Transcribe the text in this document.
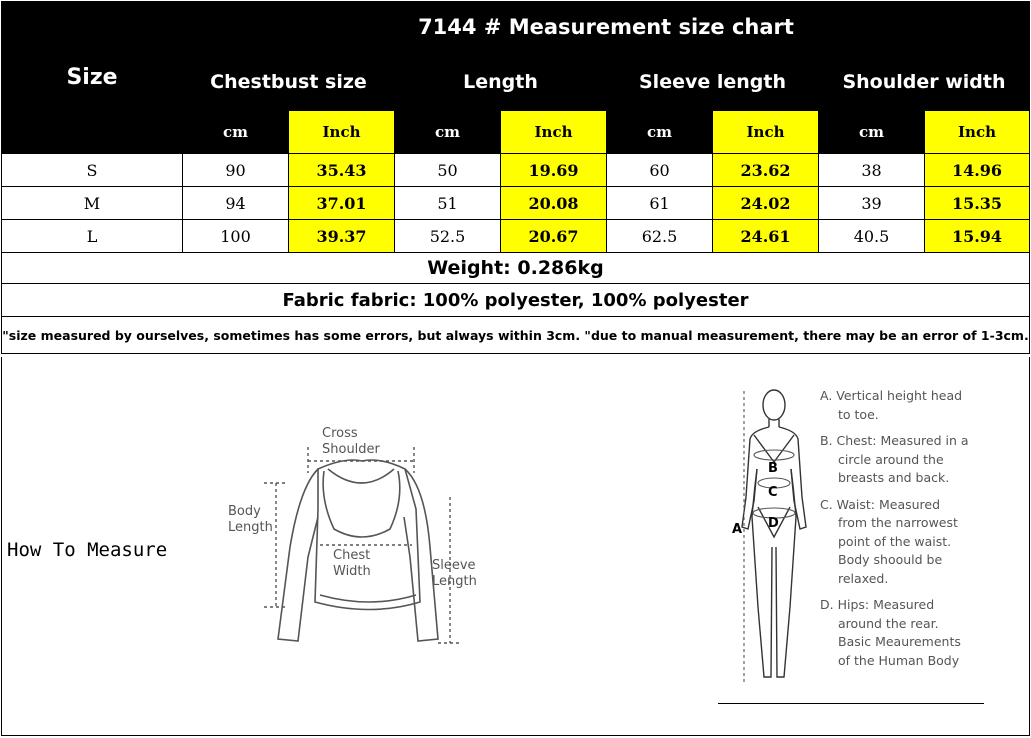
Size	7144 # Measurement size chart							
	Chestbust size		Length		Sleeve length		Shoulder width	
	cm	Inch	cm	Inch	cm	Inch	cm	Inch
S	90	35.43	50	19.69	60	23.62	38	14.96
M	94	37.01	51	20.08	61	24.02	39	15.35
L	100	39.37	52.5	20.67	62.5	24.61	40.5	15.94
Weight: 0.286kg								
Fabric fabric: 100% polyester, 100% polyester								
"size measured by ourselves, sometimes has some errors, but always within 3cm. "due to manual measurement, there may be an error of 1-3cm.								
How To Measure
Cross
Shoulder
Body
Length
Chest
Width	Sleeve
Length
A
B
C
D
A. Vertical height head
to toe.
B. Chest: Measured in a
circle around the
breasts and back.
C. Waist: Measured
from the narrowest
point of the waist.
Body shoould be
relaxed.
D. Hips: Measured
around the rear.
Basic Meaurements
of the Human Body
